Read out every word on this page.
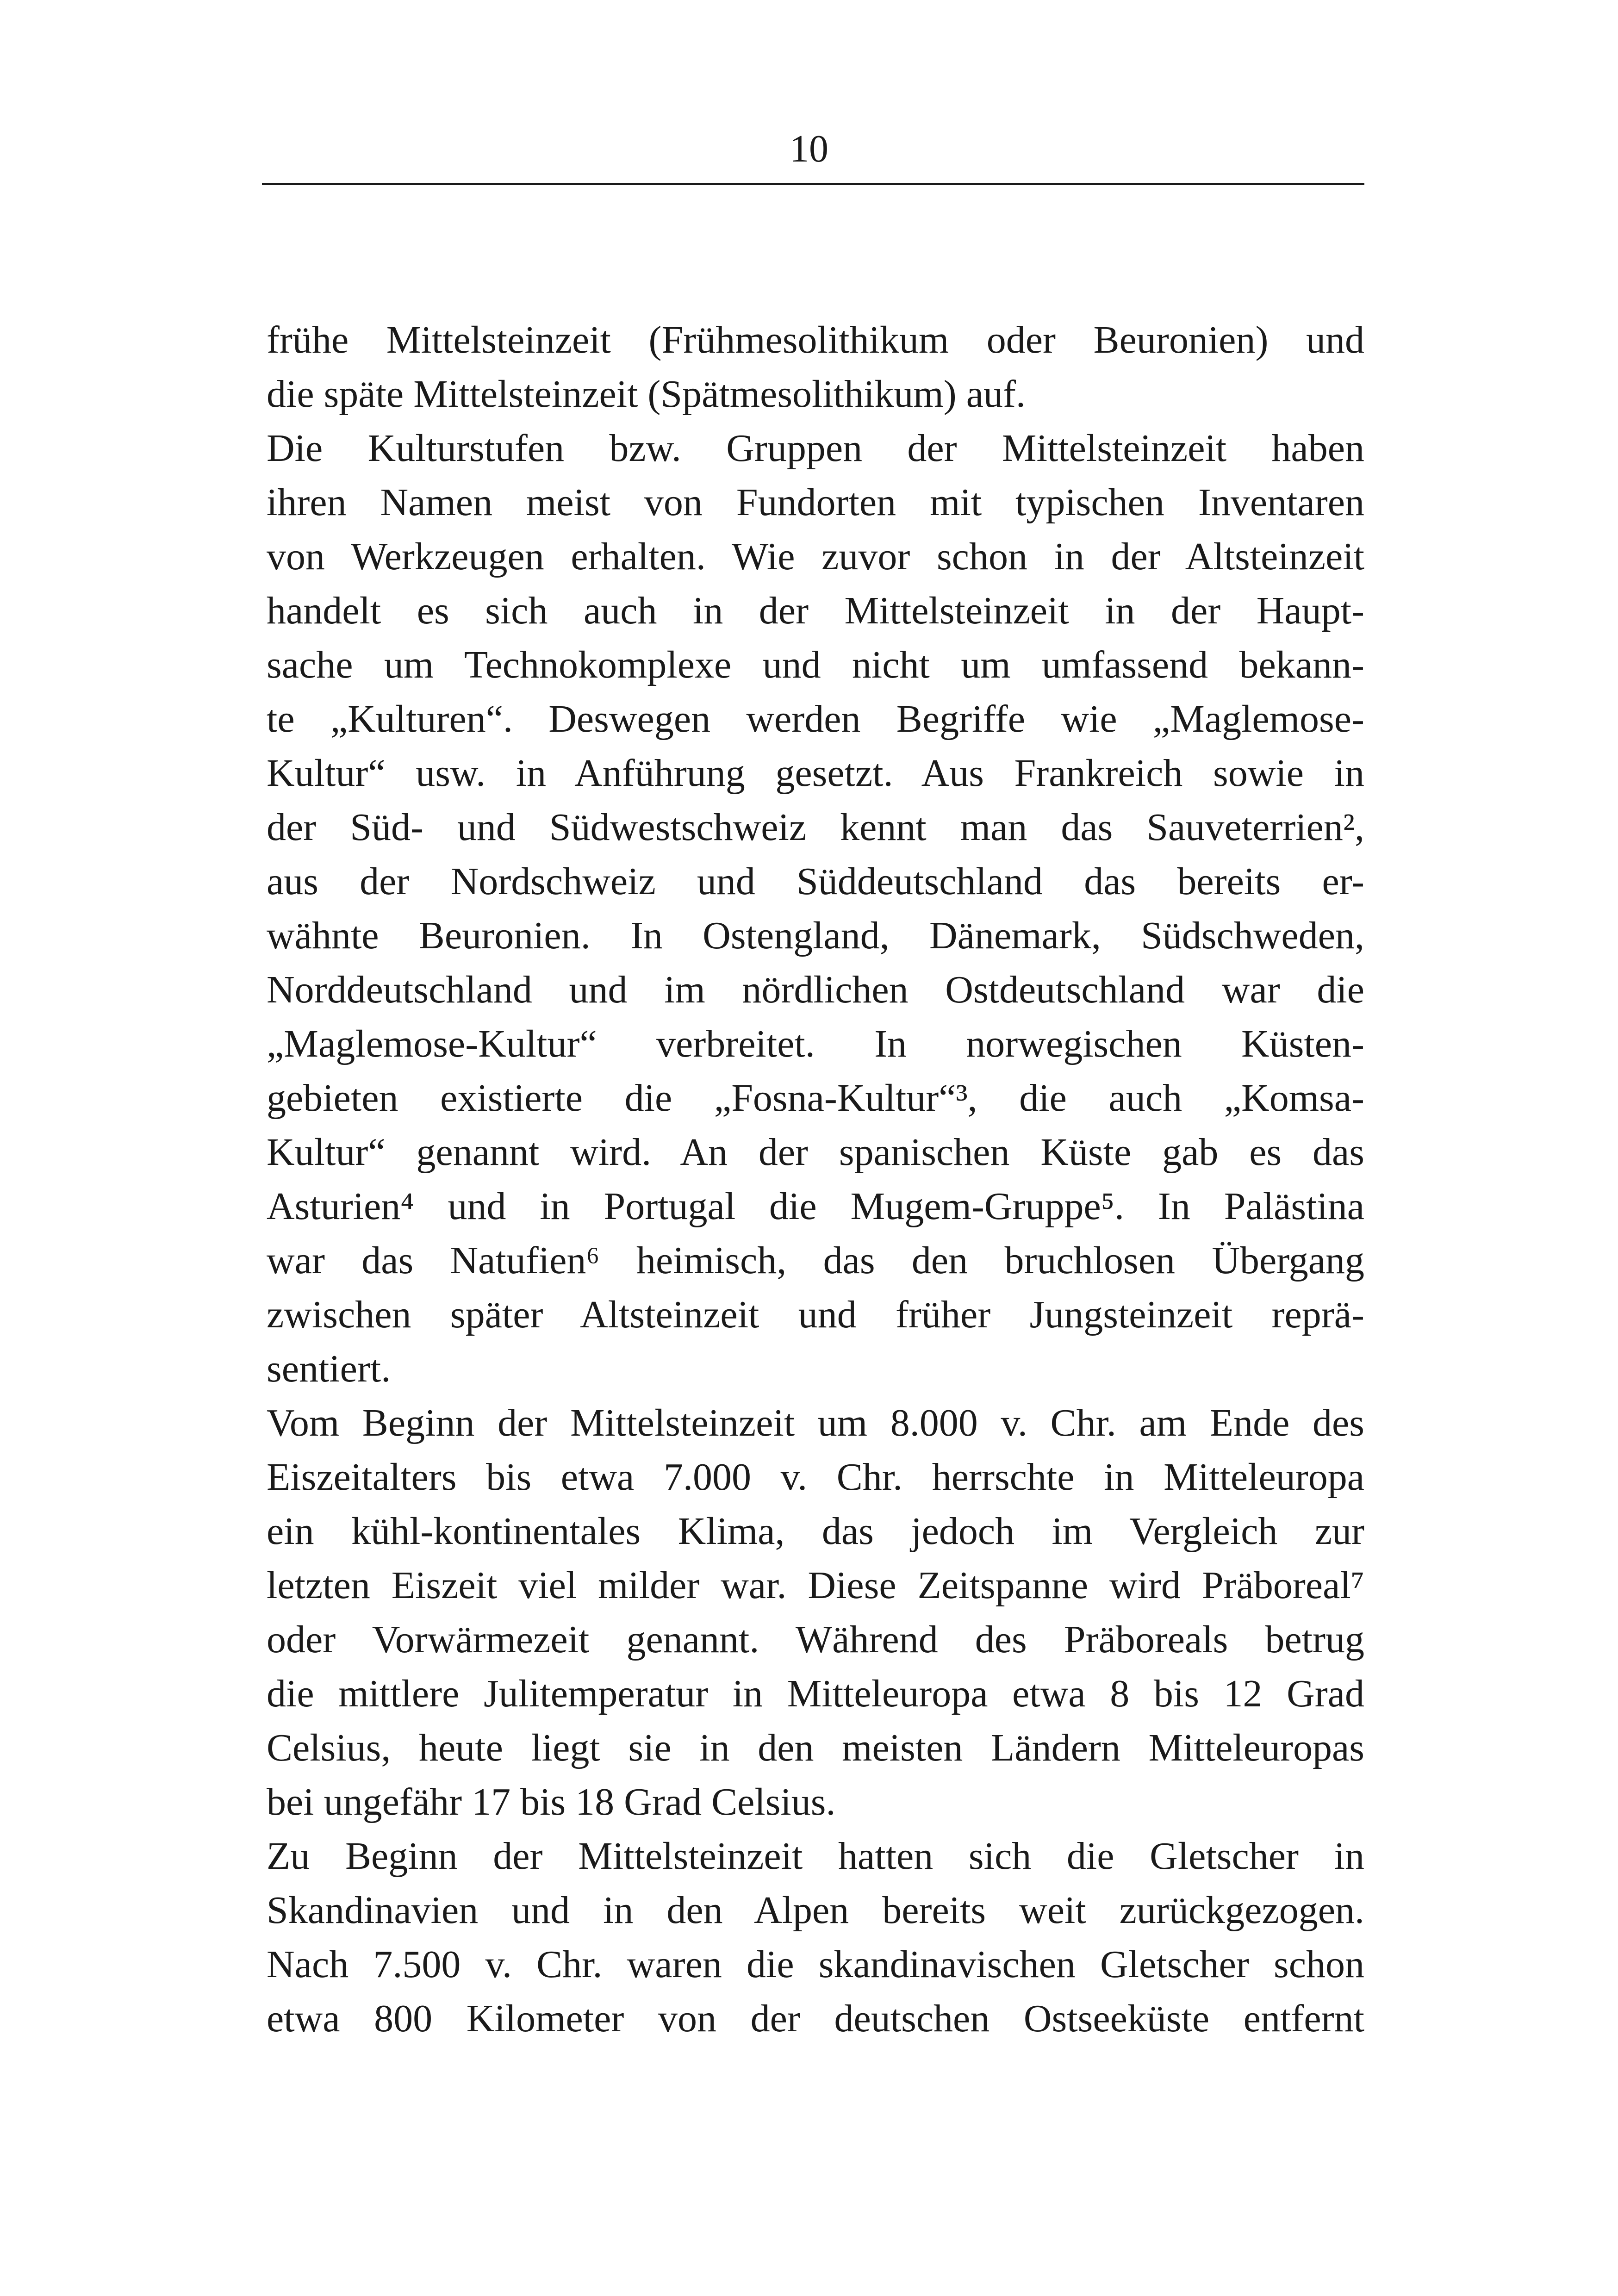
10
frühe Mittelsteinzeit (Frühmesolithikum oder Beuronien) und
die späte Mittelsteinzeit (Spätmesolithikum) auf.
Die Kulturstufen bzw. Gruppen der Mittelsteinzeit haben
ihren Namen meist von Fundorten mit typischen Inventaren
von Werkzeugen erhalten. Wie zuvor schon in der Altsteinzeit
handelt es sich auch in der Mittelsteinzeit in der Haupt-
sache um Technokomplexe und nicht um umfassend bekann-
te „Kulturen“. Deswegen werden Begriffe wie „Maglemose-
Kultur“ usw. in Anführung gesetzt. Aus Frankreich sowie in
der Süd- und Südwestschweiz kennt man das Sauveterrien²,
aus der Nordschweiz und Süddeutschland das bereits er-
wähnte Beuronien. In Ostengland, Dänemark, Südschweden,
Norddeutschland und im nördlichen Ostdeutschland war die
„Maglemose-Kultur“ verbreitet. In norwegischen Küsten-
gebieten existierte die „Fosna-Kultur“³, die auch „Komsa-
Kultur“ genannt wird. An der spanischen Küste gab es das
Asturien⁴ und in Portugal die Mugem-Gruppe⁵. In Palästina
war das Natufien⁶ heimisch, das den bruchlosen Übergang
zwischen später Altsteinzeit und früher Jungsteinzeit reprä-
sentiert.
Vom Beginn der Mittelsteinzeit um 8.000 v. Chr. am Ende des
Eiszeitalters bis etwa 7.000 v. Chr. herrschte in Mitteleuropa
ein kühl-kontinentales Klima, das jedoch im Vergleich zur
letzten Eiszeit viel milder war. Diese Zeitspanne wird Präboreal⁷
oder Vorwärmezeit genannt. Während des Präboreals betrug
die mittlere Julitemperatur in Mitteleuropa etwa 8 bis 12 Grad
Celsius, heute liegt sie in den meisten Ländern Mitteleuropas
bei ungefähr 17 bis 18 Grad Celsius.
Zu Beginn der Mittelsteinzeit hatten sich die Gletscher in
Skandinavien und in den Alpen bereits weit zurückgezogen.
Nach 7.500 v. Chr. waren die skandinavischen Gletscher schon
etwa 800 Kilometer von der deutschen Ostseeküste entfernt
